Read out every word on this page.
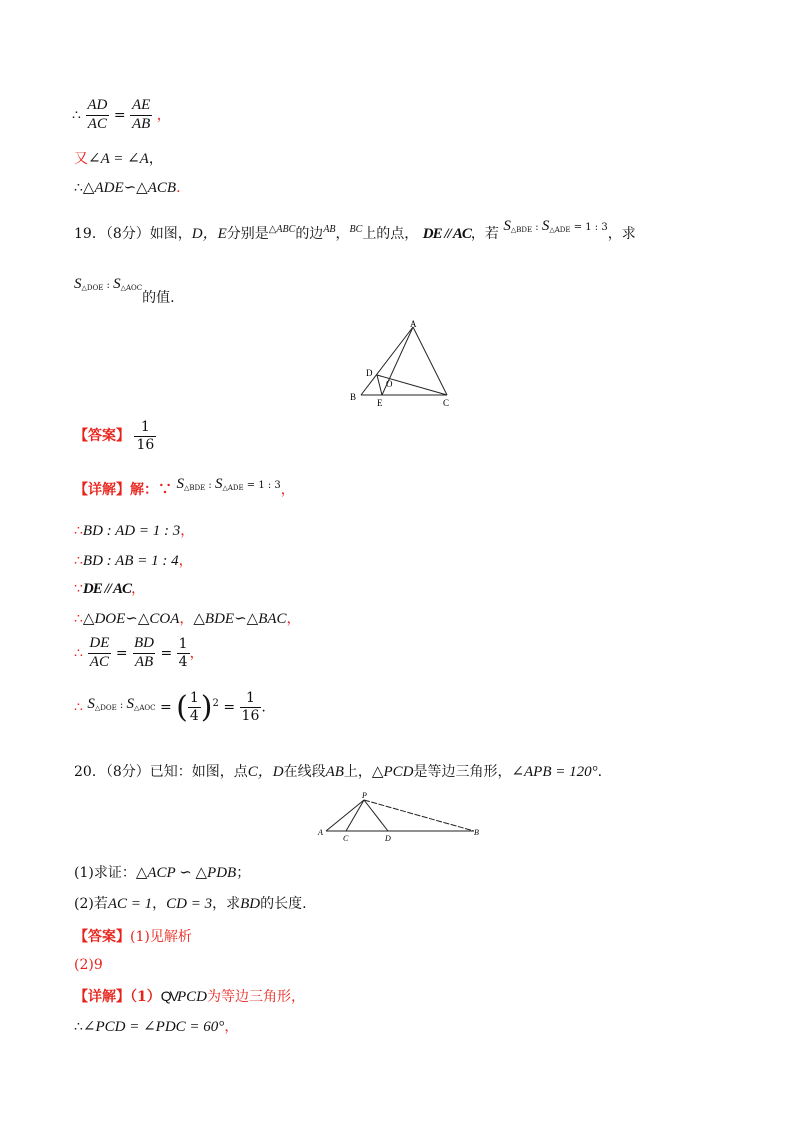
∴ $\frac{AD}{AC} = \frac{AE}{AB}$ ，
又∠A = ∠A，
∴△ADE∽△ACB.
19．（8分）如图，D，E分别是$^{\triangle ABC}$的边$^{AB}$，$^{BC}$上的点， DE // AC，若 $^{S_{\triangle BDE} : S_{\triangle ADE} = 1 : 3}$，求
$^{S_{\triangle DOE} : S_{\triangle AOC}}$的值.
A
B
C
D
E
O
【答案】 $\frac{1}{16}$
【详解】解：∵ $^{S_{\triangle BDE} : S_{\triangle ADE} = 1 : 3}$，
∴BD : AD = 1 : 3，
∴BD : AB = 1 : 4，
∵DE // AC，
∴△DOE∽△COA，△BDE∽△BAC，
∴ $\frac{DE}{AC} = \frac{BD}{AB} = \frac{1}{4}$ ，
∴ $^{S_{\triangle DOE} : S_{\triangle AOC}}$ = ( $\frac{1}{4} )^2 = \frac{1}{16}$ .
20．（8分）已知：如图，点C，D在线段AB上，△PCD是等边三角形，∠APB = 120°.
P
A
C	D
B
(1)求证：△ACP ∽ △PDB；
(2)若AC = 1，CD = 3，求BD的长度.
【答案】(1)见解析
(2)9
【详解】（1）QVPCD为等边三角形，
∴∠PCD = ∠PDC = 60°，
